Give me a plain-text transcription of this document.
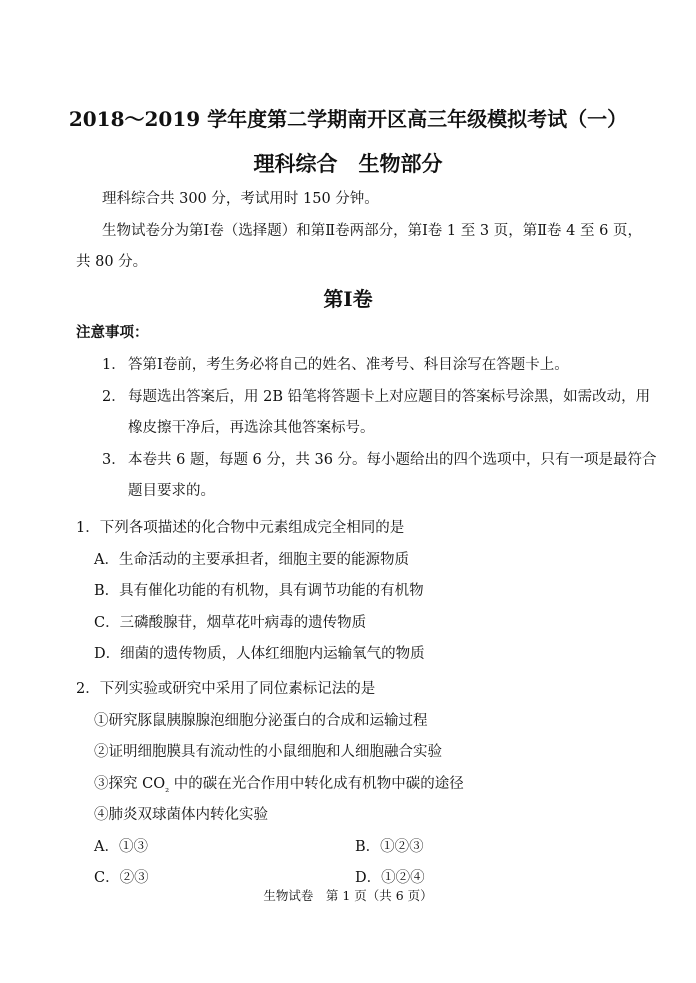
2018～2019 学年度第二学期南开区高三年级模拟考试（一）
理科综合　生物部分
理科综合共 300 分，考试用时 150 分钟。
生物试卷分为第Ⅰ卷（选择题）和第Ⅱ卷两部分，第Ⅰ卷 1 至 3 页，第Ⅱ卷 4 至 6 页，
共 80 分。
第Ⅰ卷
注意事项：
1． 答第Ⅰ卷前，考生务必将自己的姓名、准考号、科目涂写在答题卡上。
2． 每题选出答案后，用 2B 铅笔将答题卡上对应题目的答案标号涂黑，如需改动，用
橡皮擦干净后，再选涂其他答案标号。
3． 本卷共 6 题，每题 6 分，共 36 分。每小题给出的四个选项中，只有一项是最符合
题目要求的。
1．下列各项描述的化合物中元素组成完全相同的是
A．生命活动的主要承担者，细胞主要的能源物质
B．具有催化功能的有机物，具有调节功能的有机物
C．三磷酸腺苷，烟草花叶病毒的遗传物质
D．细菌的遗传物质，人体红细胞内运输氧气的物质
2．下列实验或研究中采用了同位素标记法的是
①研究豚鼠胰腺腺泡细胞分泌蛋白的合成和运输过程
②证明细胞膜具有流动性的小鼠细胞和人细胞融合实验
③探究 $CO_{_2}$ 中的碳在光合作用中转化成有机物中碳的途径
④肺炎双球菌体内转化实验
A．①③	B．①②③
C．②③	D．①②④
生物试卷　第 1 页（共 6 页）
